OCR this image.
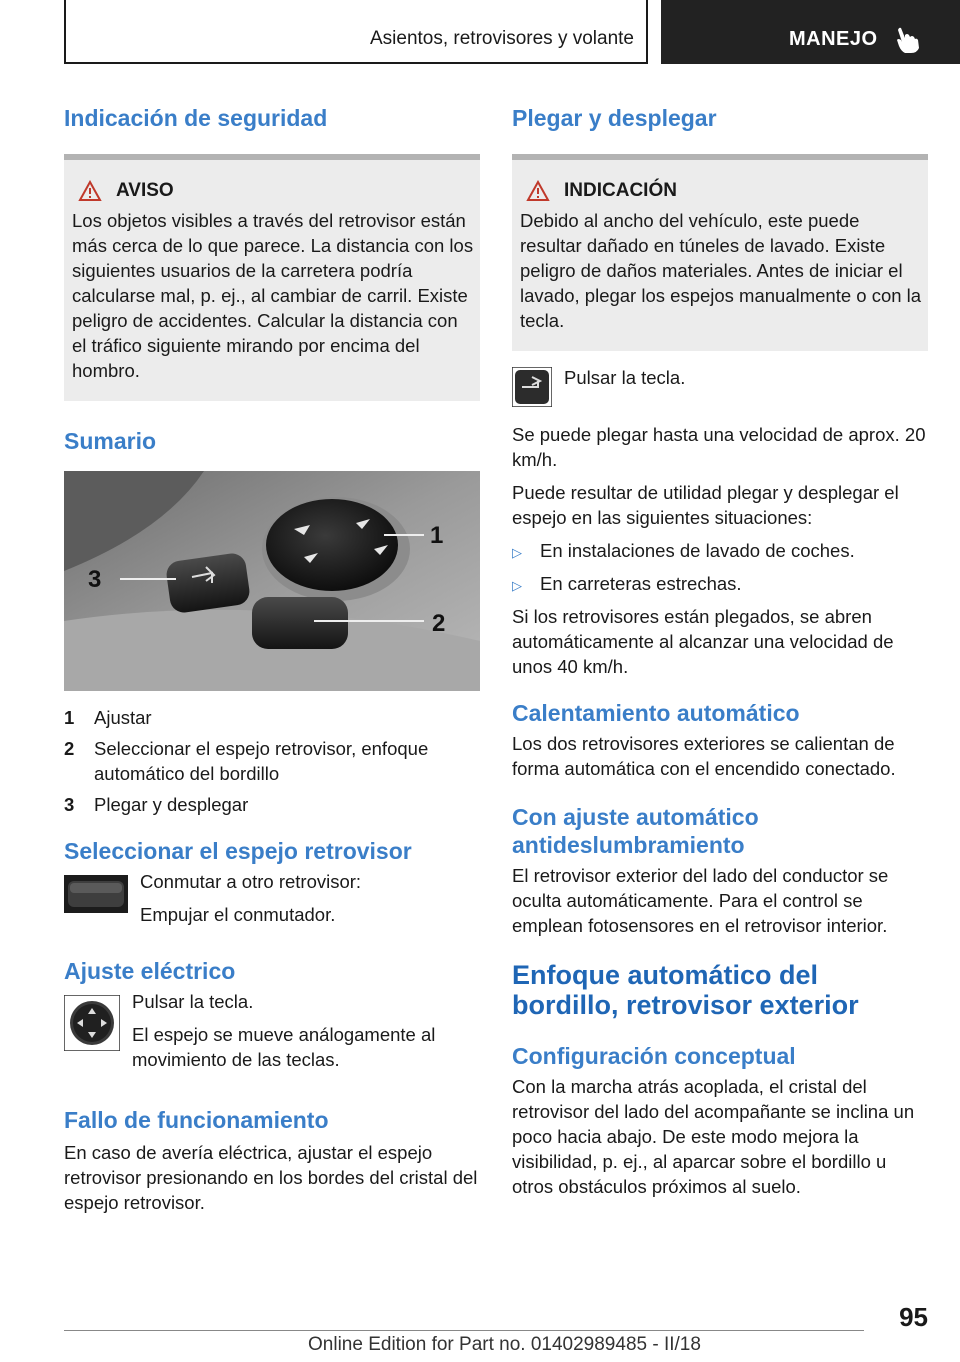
Asientos, retrovisores y volante	MANEJO
Indicación de seguridad
AVISO

Los objetos visibles a través del retrovisor están más cerca de lo que parece. La distancia con los siguientes usuarios de la carretera podría calcularse mal, p. ej., al cambiar de carril. Existe peligro de accidentes. Calcular la distancia con el tráfico siguiente mirando por encima del hombro.

Sumario
3
1
2
1	Ajustar
2	Seleccionar el espejo retrovisor, enfoque automático del bordillo
3	Plegar y desplegar
Seleccionar el espejo retrovisor

Conmutar a otro retrovisor:

Empujar el conmutador.

Ajuste eléctrico

Pulsar la tecla.

El espejo se mueve análogamente al movimiento de las teclas.

Fallo de funcionamiento

En caso de avería eléctrica, ajustar el espejo retrovisor presionando en los bordes del cristal del espejo retrovisor.

Plegar y desplegar
INDICACIÓN

Debido al ancho del vehículo, este puede resultar dañado en túneles de lavado. Existe peligro de daños materiales. Antes de iniciar el lavado, plegar los espejos manualmente o con la tecla.

Pulsar la tecla.

Se puede plegar hasta una velocidad de aprox. 20 km/h.

Puede resultar de utilidad plegar y desplegar el espejo en las siguientes situaciones:

▷ En instalaciones de lavado de coches.
▷ En carreteras estrechas.

Si los retrovisores están plegados, se abren automáticamente al alcanzar una velocidad de unos 40 km/h.

Calentamiento automático

Los dos retrovisores exteriores se calientan de forma automática con el encendido conectado.

Con ajuste automático antideslumbramiento

El retrovisor exterior del lado del conductor se oculta automáticamente. Para el control se emplean fotosensores en el retrovisor interior.

Enfoque automático del bordillo, retrovisor exterior
Configuración conceptual

Con la marcha atrás acoplada, el cristal del retrovisor del lado del acompañante se inclina un poco hacia abajo. De este modo mejora la visibilidad, p. ej., al aparcar sobre el bordillo u otros obstáculos próximos al suelo.

95
Online Edition for Part no. 01402989485 - II/18
